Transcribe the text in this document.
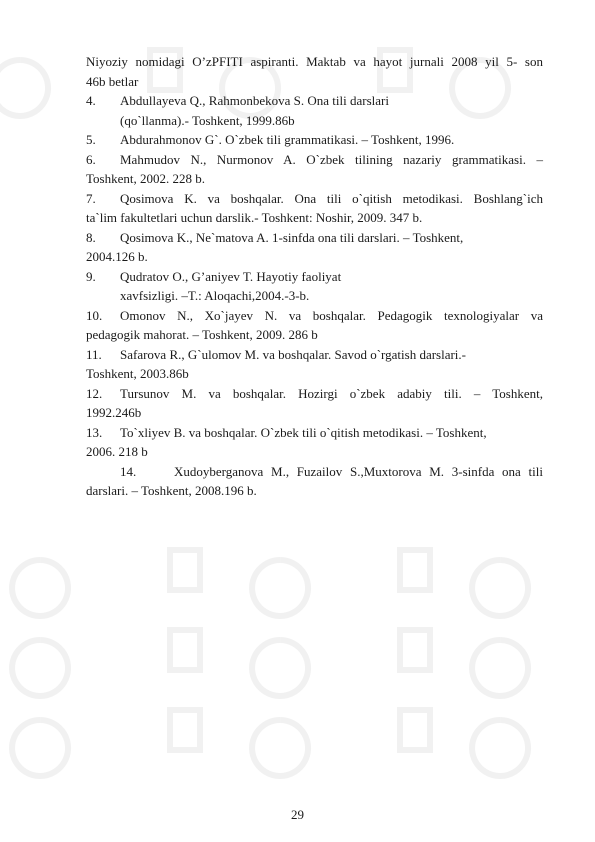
Niyoziy nomidagi O’zPFITI aspiranti. Maktab va hayot jurnali 2008 yil 5- son

46b betlar

4. Abdullayeva Q., Rahmonbekova S. Ona tili darslari
(qo`llanma).- Toshkent, 1999.86b
5. Abdurahmonov G`. O`zbek tili grammatikasi. – Toshkent, 1996.
6. Mahmudov N., Nurmonov A. O`zbek tilining nazariy grammatikasi. –
Toshkent, 2002. 228 b.
7. Qosimova K. va boshqalar. Ona tili o`qitish metodikasi. Boshlang`ich
ta`lim fakultetlari uchun darslik.- Toshkent: Noshir, 2009. 347 b.
8. Qosimova K., Ne`matova A. 1-sinfda ona tili darslari. – Toshkent,
2004.126 b.
9. Qudratov O., G’aniyev T. Hayotiy faoliyat
xavfsizligi. –T.: Aloqachi,2004.-3-b.
10. Omonov N., Xo`jayev N. va boshqalar. Pedagogik texnologiyalar va
pedagogik mahorat. – Toshkent, 2009. 286 b
11. Safarova R., G`ulomov M. va boshqalar. Savod o`rgatish darslari.-
Toshkent, 2003.86b
12. Tursunov M. va boshqalar. Hozirgi o`zbek adabiy tili. – Toshkent,
1992.246b
13. To`xliyev B. va boshqalar. O`zbek tili o`qitish metodikasi. – Toshkent,
2006. 218 b
14.	Xudoyberganova M., Fuzailov S.,Muxtorova M. 3-sinfda ona tili
darslari. – Toshkent, 2008.196 b.
29
